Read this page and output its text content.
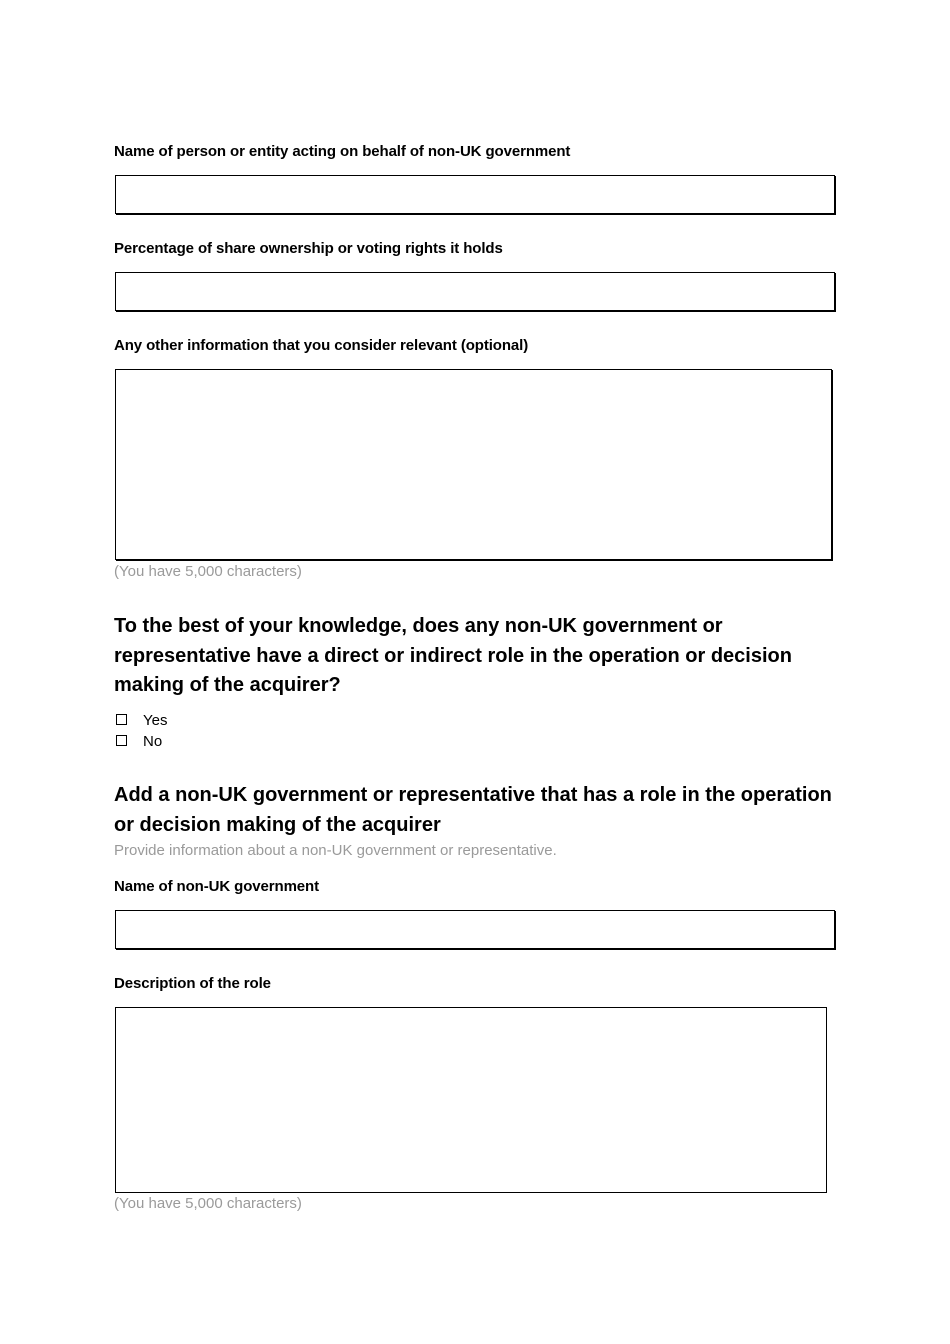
Name of person or entity acting on behalf of non-UK government
Percentage of share ownership or voting rights it holds
Any other information that you consider relevant (optional)
(You have 5,000 characters)
To the best of your knowledge, does any non-UK government or representative have a direct or indirect role in the operation or decision making of the acquirer?
Yes
No
Add a non-UK government or representative that has a role in the operation or decision making of the acquirer
Provide information about a non-UK government or representative.
Name of non-UK government
Description of the role
(You have 5,000 characters)
